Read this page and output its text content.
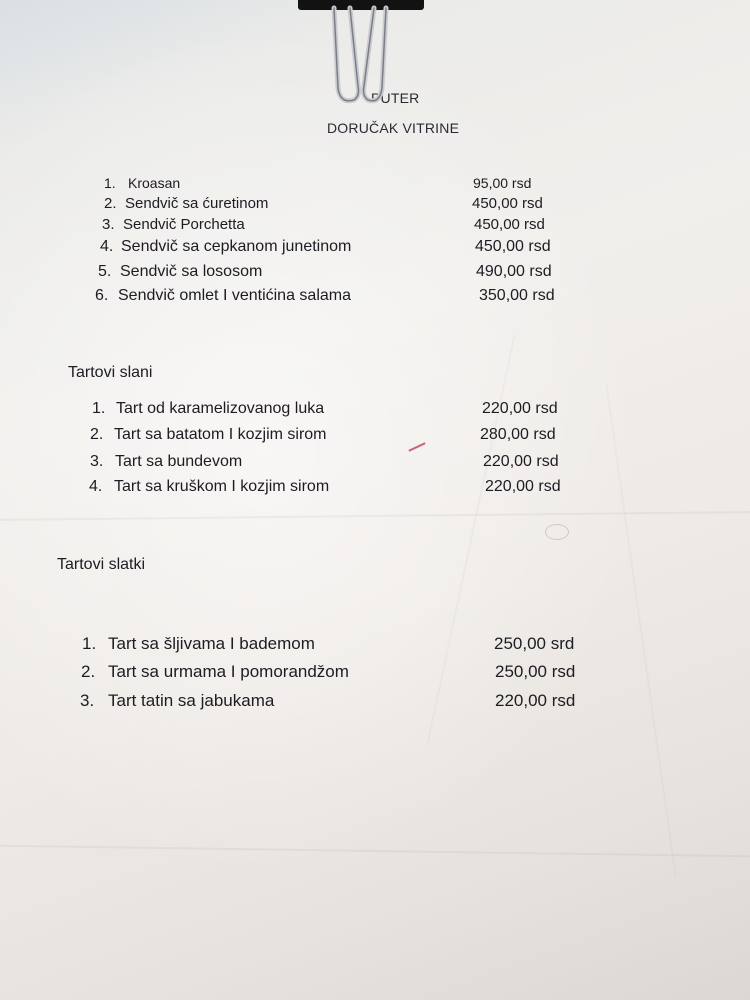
PUTER
DORUČAK VITRINE
1. Kroasan	95,00 rsd
2. Sendvič sa ćuretinom	450,00 rsd
3. Sendvič Porchetta	450,00 rsd
4. Sendvič sa cepkanom junetinom	450,00 rsd
5. Sendvič sa lososom	490,00 rsd
6. Sendvič omlet I ventićina salama	350,00 rsd
Tartovi slani
1. Tart od karamelizovanog luka	220,00 rsd
2. Tart sa batatom I kozjim sirom	280,00 rsd
3. Tart sa bundevom	220,00 rsd
4. Tart sa kruškom I kozjim sirom	220,00 rsd
Tartovi slatki
1. Tart sa šljivama I bademom	250,00 srd
2. Tart sa urmama I pomorandžom	250,00 rsd
3. Tart tatin sa jabukama	220,00 rsd
